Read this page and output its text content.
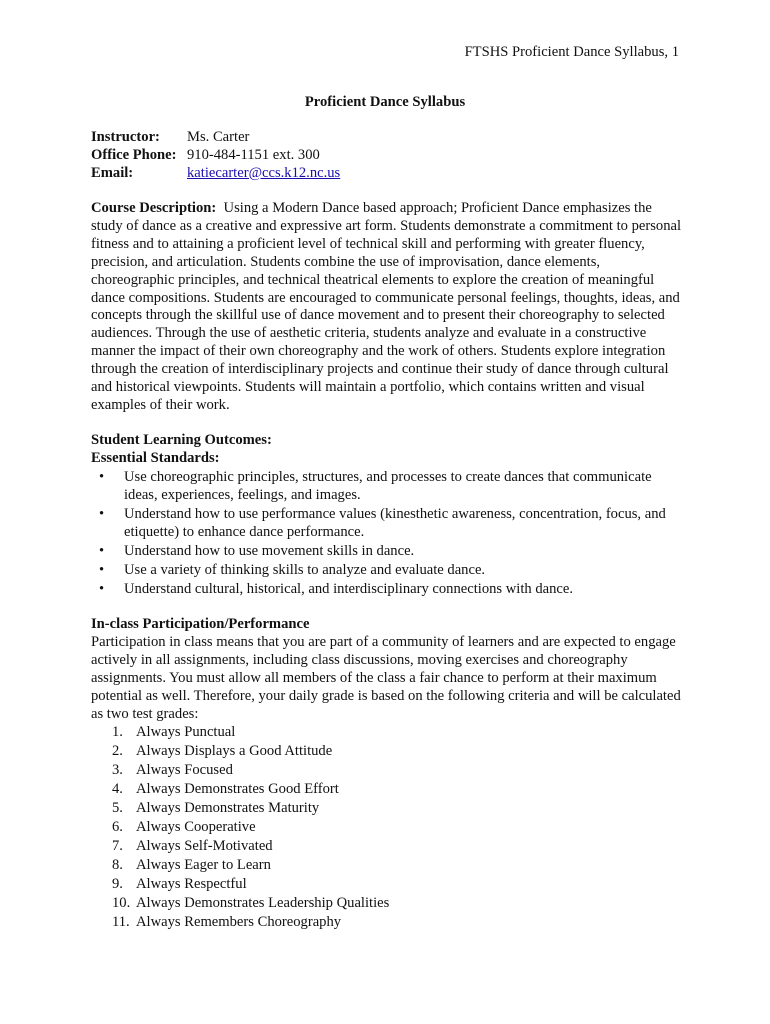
FTSHS Proficient Dance Syllabus, 1
Proficient Dance Syllabus
Instructor:	Ms. Carter
Office Phone: 910-484-1151 ext. 300
Email:	katiecarter@ccs.k12.nc.us
Course Description: Using a Modern Dance based approach; Proficient Dance emphasizes the study of dance as a creative and expressive art form. Students demonstrate a commitment to personal fitness and to attaining a proficient level of technical skill and performing with greater fluency, precision, and articulation. Students combine the use of improvisation, dance elements, choreographic principles, and technical theatrical elements to explore the creation of meaningful dance compositions. Students are encouraged to communicate personal feelings, thoughts, ideas, and concepts through the skillful use of dance movement and to present their choreography to selected audiences. Through the use of aesthetic criteria, students analyze and evaluate in a constructive manner the impact of their own choreography and the work of others. Students explore integration through the creation of interdisciplinary projects and continue their study of dance through cultural and historical viewpoints. Students will maintain a portfolio, which contains written and visual examples of their work.
Student Learning Outcomes:
Essential Standards:
• Use choreographic principles, structures, and processes to create dances that communicate ideas, experiences, feelings, and images.
• Understand how to use performance values (kinesthetic awareness, concentration, focus, and etiquette) to enhance dance performance.
• Understand how to use movement skills in dance.
• Use a variety of thinking skills to analyze and evaluate dance.
• Understand cultural, historical, and interdisciplinary connections with dance.
In-class Participation/Performance
Participation in class means that you are part of a community of learners and are expected to engage actively in all assignments, including class discussions, moving exercises and choreography assignments. You must allow all members of the class a fair chance to perform at their maximum potential as well. Therefore, your daily grade is based on the following criteria and will be calculated as two test grades:
1. Always Punctual
2. Always Displays a Good Attitude
3. Always Focused
4. Always Demonstrates Good Effort
5. Always Demonstrates Maturity
6. Always Cooperative
7. Always Self-Motivated
8. Always Eager to Learn
9. Always Respectful
10. Always Demonstrates Leadership Qualities
11. Always Remembers Choreography
